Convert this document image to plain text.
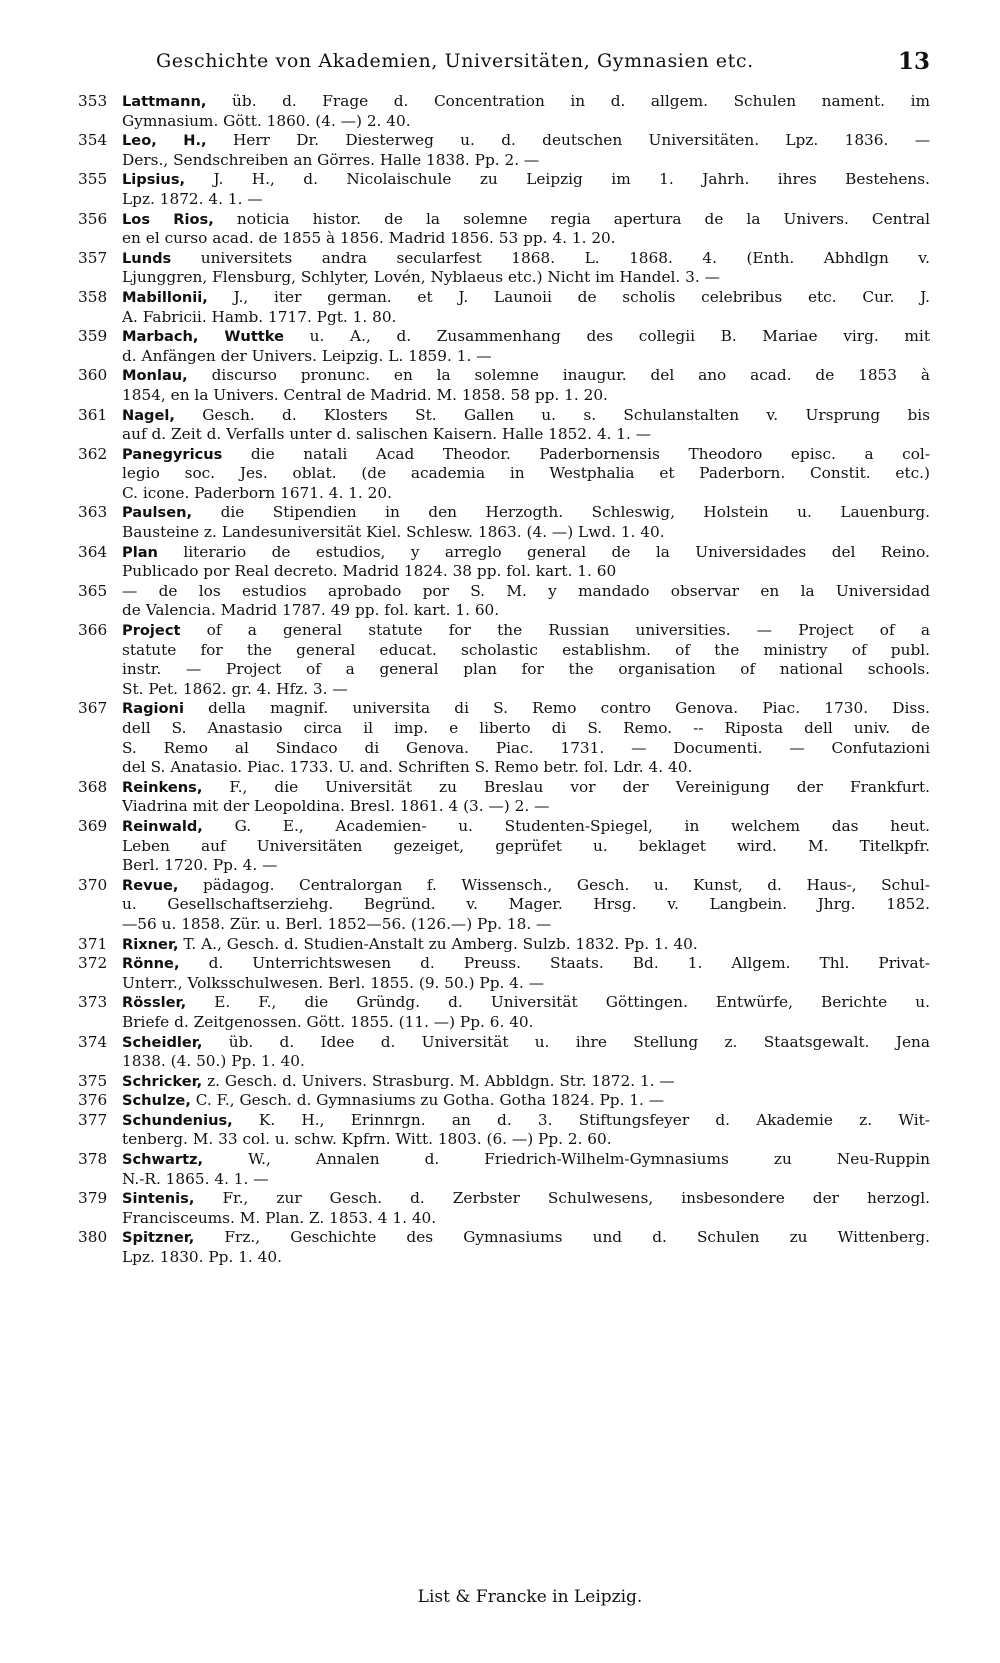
Geschichte von Akademien, Universitäten, Gymnasien etc.	13
353	Lattmann, üb. d. Frage d. Concentration in d. allgem. Schulen nament. im
Gymnasium. Gött. 1860. (4. —) 2. 40.
354	Leo, H., Herr Dr. Diesterweg u. d. deutschen Universitäten. Lpz. 1836. —
Ders., Sendschreiben an Görres. Halle 1838. Pp. 2. —
355	Lipsius, J. H., d. Nicolaischule zu Leipzig im 1. Jahrh. ihres Bestehens.
Lpz. 1872. 4. 1. —
356	Los Rios, noticia histor. de la solemne regia apertura de la Univers. Central
en el curso acad. de 1855 à 1856. Madrid 1856. 53 pp. 4. 1. 20.
357	Lunds universitets andra secularfest 1868. L. 1868. 4. (Enth. Abhdlgn v.
Ljunggren, Flensburg, Schlyter, Lovén, Nyblaeus etc.) Nicht im Handel. 3. —
358	Mabillonii, J., iter german. et J. Launoii de scholis celebribus etc. Cur. J.
A. Fabricii. Hamb. 1717. Pgt. 1. 80.
359	Marbach, Wuttke u. A., d. Zusammenhang des collegii B. Mariae virg. mit
d. Anfängen der Univers. Leipzig. L. 1859. 1. —
360	Monlau, discurso pronunc. en la solemne inaugur. del ano acad. de 1853 à
1854, en la Univers. Central de Madrid. M. 1858. 58 pp. 1. 20.
361	Nagel, Gesch. d. Klosters St. Gallen u. s. Schulanstalten v. Ursprung bis
auf d. Zeit d. Verfalls unter d. salischen Kaisern. Halle 1852. 4. 1. —
362	Panegyricus die natali Acad Theodor. Paderbornensis Theodoro episc. a col-
legio soc. Jes. oblat. (de academia in Westphalia et Paderborn. Constit. etc.)
C. icone. Paderborn 1671. 4. 1. 20.
363	Paulsen, die Stipendien in den Herzogth. Schleswig, Holstein u. Lauenburg.
Bausteine z. Landesuniversität Kiel. Schlesw. 1863. (4. —) Lwd. 1. 40.
364	Plan literario de estudios, y arreglo general de la Universidades del Reino.
Publicado por Real decreto. Madrid 1824. 38 pp. fol. kart. 1. 60
365 — de los estudios aprobado por S. M. y mandado observar en la Universidad
de Valencia. Madrid 1787. 49 pp. fol. kart. 1. 60.
366	Project of a general statute for the Russian universities. — Project of a
statute for the general educat. scholastic establishm. of the ministry of publ.
instr. — Project of a general plan for the organisation of national schools.
St. Pet. 1862. gr. 4. Hfz. 3. —
367	Ragioni della magnif. universita di S. Remo contro Genova. Piac. 1730. Diss.
dell S. Anastasio circa il imp. e liberto di S. Remo. -- Riposta dell univ. de
S. Remo al Sindaco di Genova. Piac. 1731. — Documenti. — Confutazioni
del S. Anatasio. Piac. 1733. U. and. Schriften S. Remo betr. fol. Ldr. 4. 40.
368	Reinkens, F., die Universität zu Breslau vor der Vereinigung der Frankfurt.
Viadrina mit der Leopoldina. Bresl. 1861. 4 (3. —) 2. —
369	Reinwald, G. E., Academien- u. Studenten-Spiegel, in welchem das heut.
Leben auf Universitäten gezeiget, geprüfet u. beklaget wird. M. Titelkpfr.
Berl. 1720. Pp. 4. —
370	Revue, pädagog. Centralorgan f. Wissensch., Gesch. u. Kunst, d. Haus-, Schul-
u. Gesellschaftserziehg. Begründ. v. Mager. Hrsg. v. Langbein. Jhrg. 1852.
—56 u. 1858. Zür. u. Berl. 1852—56. (126.—) Pp. 18. —
371	Rixner, T. A., Gesch. d. Studien-Anstalt zu Amberg. Sulzb. 1832. Pp. 1. 40.
372	Rönne, d. Unterrichtswesen d. Preuss. Staats. Bd. 1. Allgem. Thl. Privat-
Unterr., Volksschulwesen. Berl. 1855. (9. 50.) Pp. 4. —
373	Rössler, E. F., die Gründg. d. Universität Göttingen. Entwürfe, Berichte u.
Briefe d. Zeitgenossen. Gött. 1855. (11. —) Pp. 6. 40.
374	Scheidler, üb. d. Idee d. Universität u. ihre Stellung z. Staatsgewalt. Jena
1838. (4. 50.) Pp. 1. 40.
375	Schricker, z. Gesch. d. Univers. Strasburg. M. Abbldgn. Str. 1872. 1. —
376	Schulze, C. F., Gesch. d. Gymnasiums zu Gotha. Gotha 1824. Pp. 1. —
377	Schundenius, K. H., Erinnrgn. an d. 3. Stiftungsfeyer d. Akademie z. Wit-
tenberg. M. 33 col. u. schw. Kpfrn. Witt. 1803. (6. —) Pp. 2. 60.
378	Schwartz,	W., Annalen d. Friedrich-Wilhelm-Gymnasiums zu Neu-Ruppin
N.-R. 1865. 4. 1. —
379	Sintenis, Fr., zur Gesch. d. Zerbster Schulwesens, insbesondere der herzogl.
Francisceums. M. Plan. Z. 1853. 4 1. 40.
380	Spitzner, Frz., Geschichte des Gymnasiums und d. Schulen zu Wittenberg.
Lpz. 1830. Pp. 1. 40.
List & Francke in Leipzig.
